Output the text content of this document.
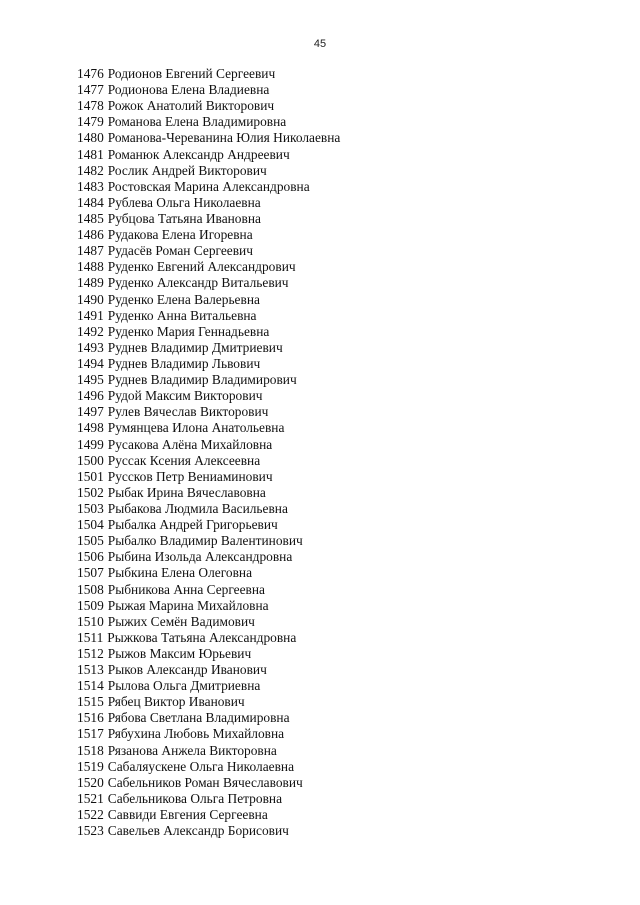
45
1476 Родионов Евгений Сергеевич
1477 Родионова Елена Владиевна
1478 Рожок Анатолий Викторович
1479 Романова Елена Владимировна
1480 Романова-Череванина Юлия Николаевна
1481 Романюк Александр Андреевич
1482 Рослик Андрей Викторович
1483 Ростовская Марина Александровна
1484 Рублева Ольга Николаевна
1485 Рубцова Татьяна Ивановна
1486 Рудакова Елена Игоревна
1487 Рудасёв Роман Сергеевич
1488 Руденко Евгений Александрович
1489 Руденко Александр Витальевич
1490 Руденко Елена Валерьевна
1491 Руденко Анна Витальевна
1492 Руденко Мария Геннадьевна
1493 Руднев Владимир Дмитриевич
1494 Руднев Владимир Львович
1495 Руднев Владимир Владимирович
1496 Рудой Максим Викторович
1497 Рулев Вячеслав Викторович
1498 Румянцева Илона Анатольевна
1499 Русакова Алёна Михайловна
1500 Руссак Ксения Алексеевна
1501 Руссков Петр Вениаминович
1502 Рыбак Ирина Вячеславовна
1503 Рыбакова Людмила Васильевна
1504 Рыбалка Андрей Григорьевич
1505 Рыбалко Владимир Валентинович
1506 Рыбина Изольда Александровна
1507 Рыбкина Елена Олеговна
1508 Рыбникова Анна Сергеевна
1509 Рыжая Марина Михайловна
1510 Рыжих Семён Вадимович
1511 Рыжкова Татьяна Александровна
1512 Рыжов Максим Юрьевич
1513 Рыков Александр Иванович
1514 Рылова Ольга Дмитриевна
1515 Рябец Виктор Иванович
1516 Рябова Светлана Владимировна
1517 Рябухина Любовь Михайловна
1518 Рязанова Анжела Викторовна
1519 Сабаляускене Ольга Николаевна
1520 Сабельников Роман Вячеславович
1521 Сабельникова Ольга Петровна
1522 Саввиди Евгения Сергеевна
1523 Савельев Александр Борисович
